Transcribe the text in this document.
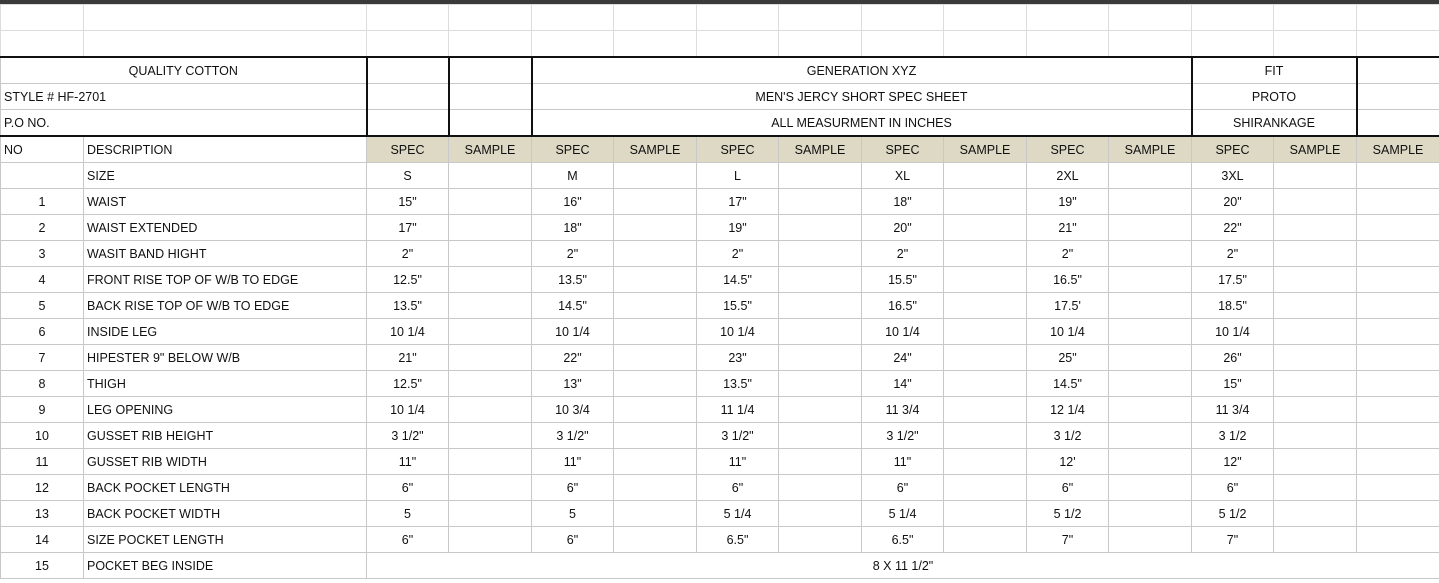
QUALITY COTTON				GENERATION XYZ								FIT		
STYLE # HF-2701				MEN'S JERCY SHORT SPEC SHEET								PROTO		
P.O NO.				ALL MEASURMENT IN INCHES								SHIRANKAGE		
NO	DESCRIPTION	SPEC	SAMPLE	SPEC	SAMPLE	SPEC	SAMPLE	SPEC	SAMPLE	SPEC	SAMPLE	SPEC	SAMPLE	SAMPLE
	SIZE	S		M		L		XL		2XL		3XL		
1	WAIST	15"		16"		17"		18"		19"		20"		
2	WAIST EXTENDED	17"		18"		19"		20"		21"		22"		
3	WASIT BAND HIGHT	2"		2"		2"		2"		2"		2"		
4	FRONT RISE TOP OF W/B TO EDGE	12.5"		13.5"		14.5"		15.5"		16.5"		17.5"		
5	BACK RISE TOP OF W/B TO EDGE	13.5"		14.5"		15.5"		16.5"		17.5'		18.5"		
6	INSIDE LEG	10 1/4		10 1/4		10 1/4		10 1/4		10 1/4		10 1/4		
7	HIPESTER 9" BELOW W/B	21"		22"		23"		24"		25"		26"		
8	THIGH	12.5"		13"		13.5"		14"		14.5"		15"		
9	LEG OPENING	10 1/4		10 3/4		11 1/4		11 3/4		12 1/4		11 3/4		
10	GUSSET RIB HEIGHT	3 1/2"		3 1/2"		3 1/2"		3 1/2"		3 1/2		3 1/2		
11	GUSSET RIB WIDTH	11"		11"		11"		11"		12'		12"		
12	BACK POCKET LENGTH	6"		6"		6"		6"		6"		6"		
13	BACK POCKET WIDTH	5		5		5 1/4		5 1/4		5 1/2		5 1/2		
14	SIZE POCKET LENGTH	6"		6"		6.5"		6.5"		7"		7"		
15	POCKET BEG INSIDE	8 X 11 1/2"												
